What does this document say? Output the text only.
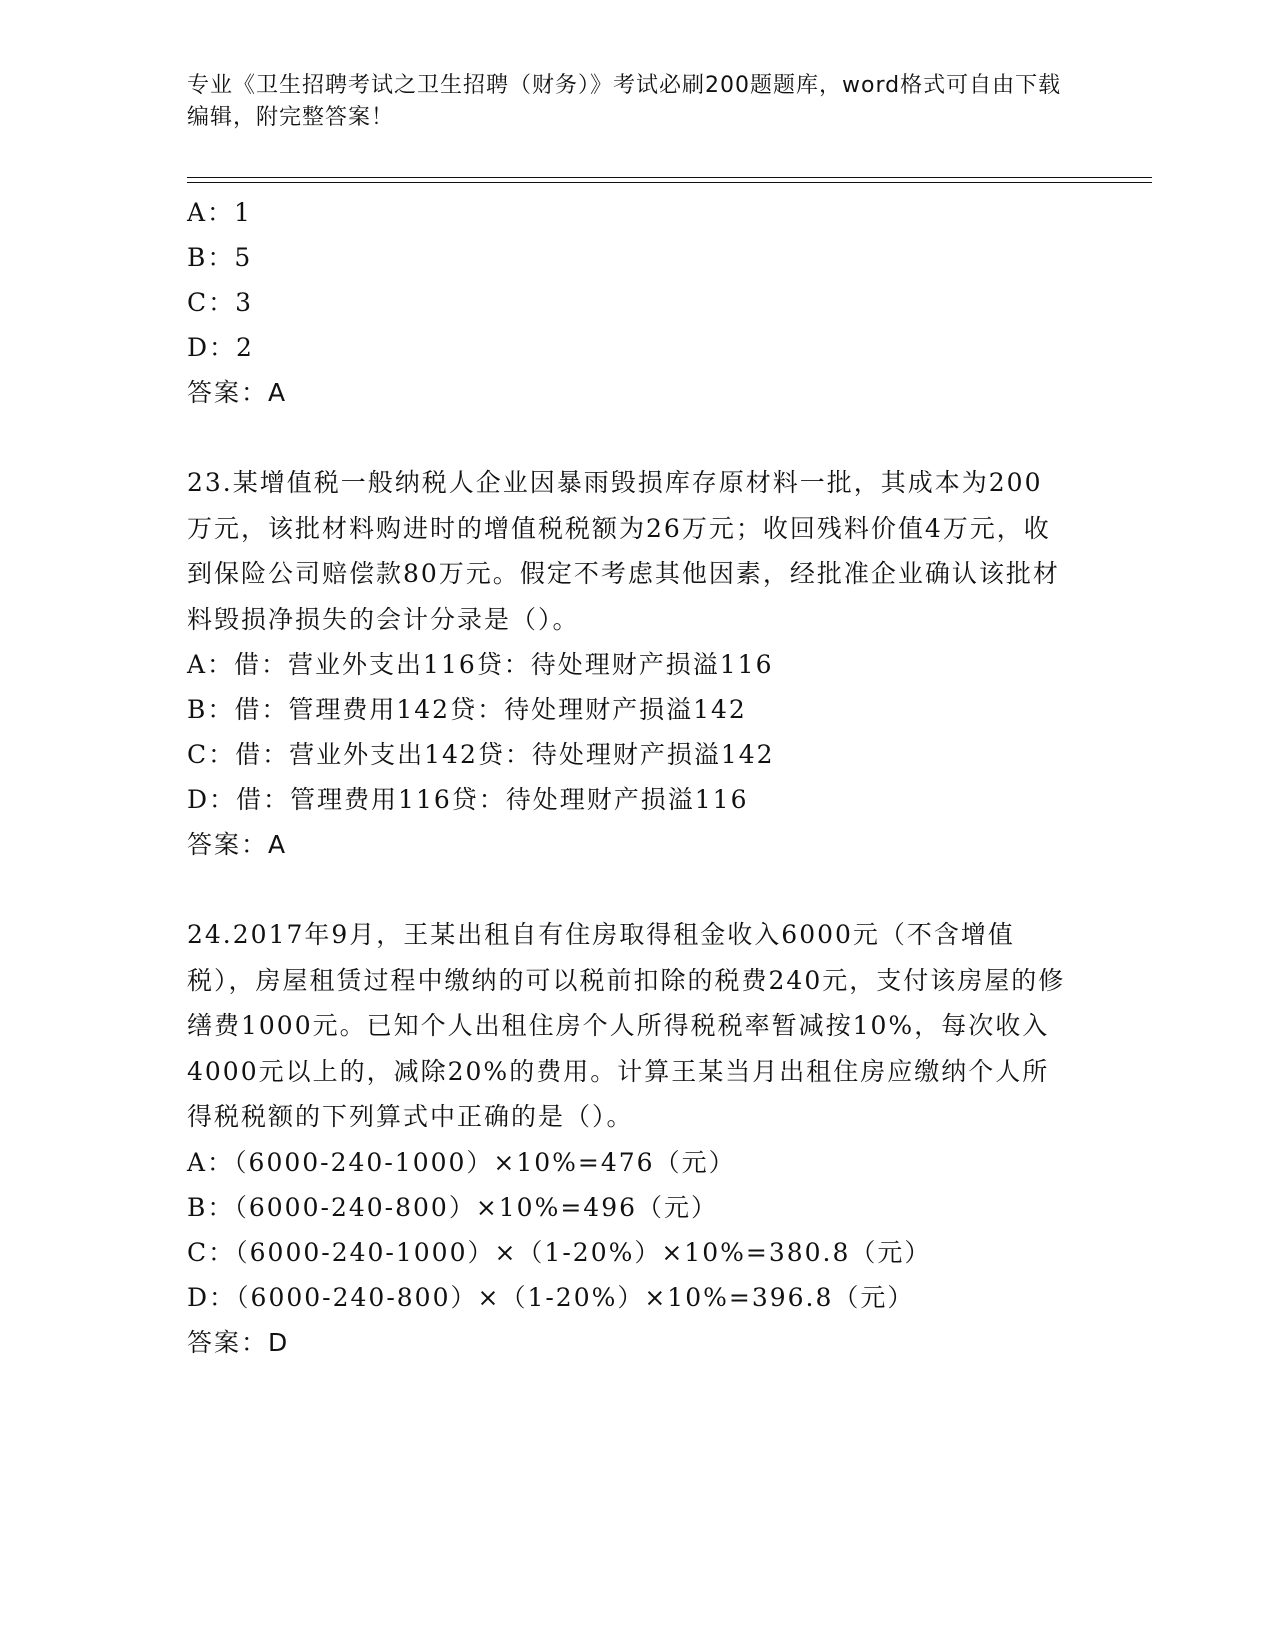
专业《卫生招聘考试之卫生招聘（财务）》考试必刷200题题库，word格式可自由下载编辑，附完整答案！
A：1
B：5
C：3
D：2
答案：A
23.某增值税一般纳税人企业因暴雨毁损库存原材料一批，其成本为200万元，该批材料购进时的增值税税额为26万元；收回残料价值4万元，收到保险公司赔偿款80万元。假定不考虑其他因素，经批准企业确认该批材料毁损净损失的会计分录是（）。
A：借：营业外支出116贷：待处理财产损溢116
B：借：管理费用142贷：待处理财产损溢142
C：借：营业外支出142贷：待处理财产损溢142
D：借：管理费用116贷：待处理财产损溢116
答案：A
24.2017年9月，王某出租自有住房取得租金收入6000元（不含增值税），房屋租赁过程中缴纳的可以税前扣除的税费240元，支付该房屋的修缮费1000元。已知个人出租住房个人所得税税率暂减按10%，每次收入4000元以上的，减除20%的费用。计算王某当月出租住房应缴纳个人所得税税额的下列算式中正确的是（）。
A：（6000-240-1000）×10%=476（元）
B：（6000-240-800）×10%=496（元）
C：（6000-240-1000）×（1-20%）×10%=380.8（元）
D：（6000-240-800）×（1-20%）×10%=396.8（元）
答案：D
